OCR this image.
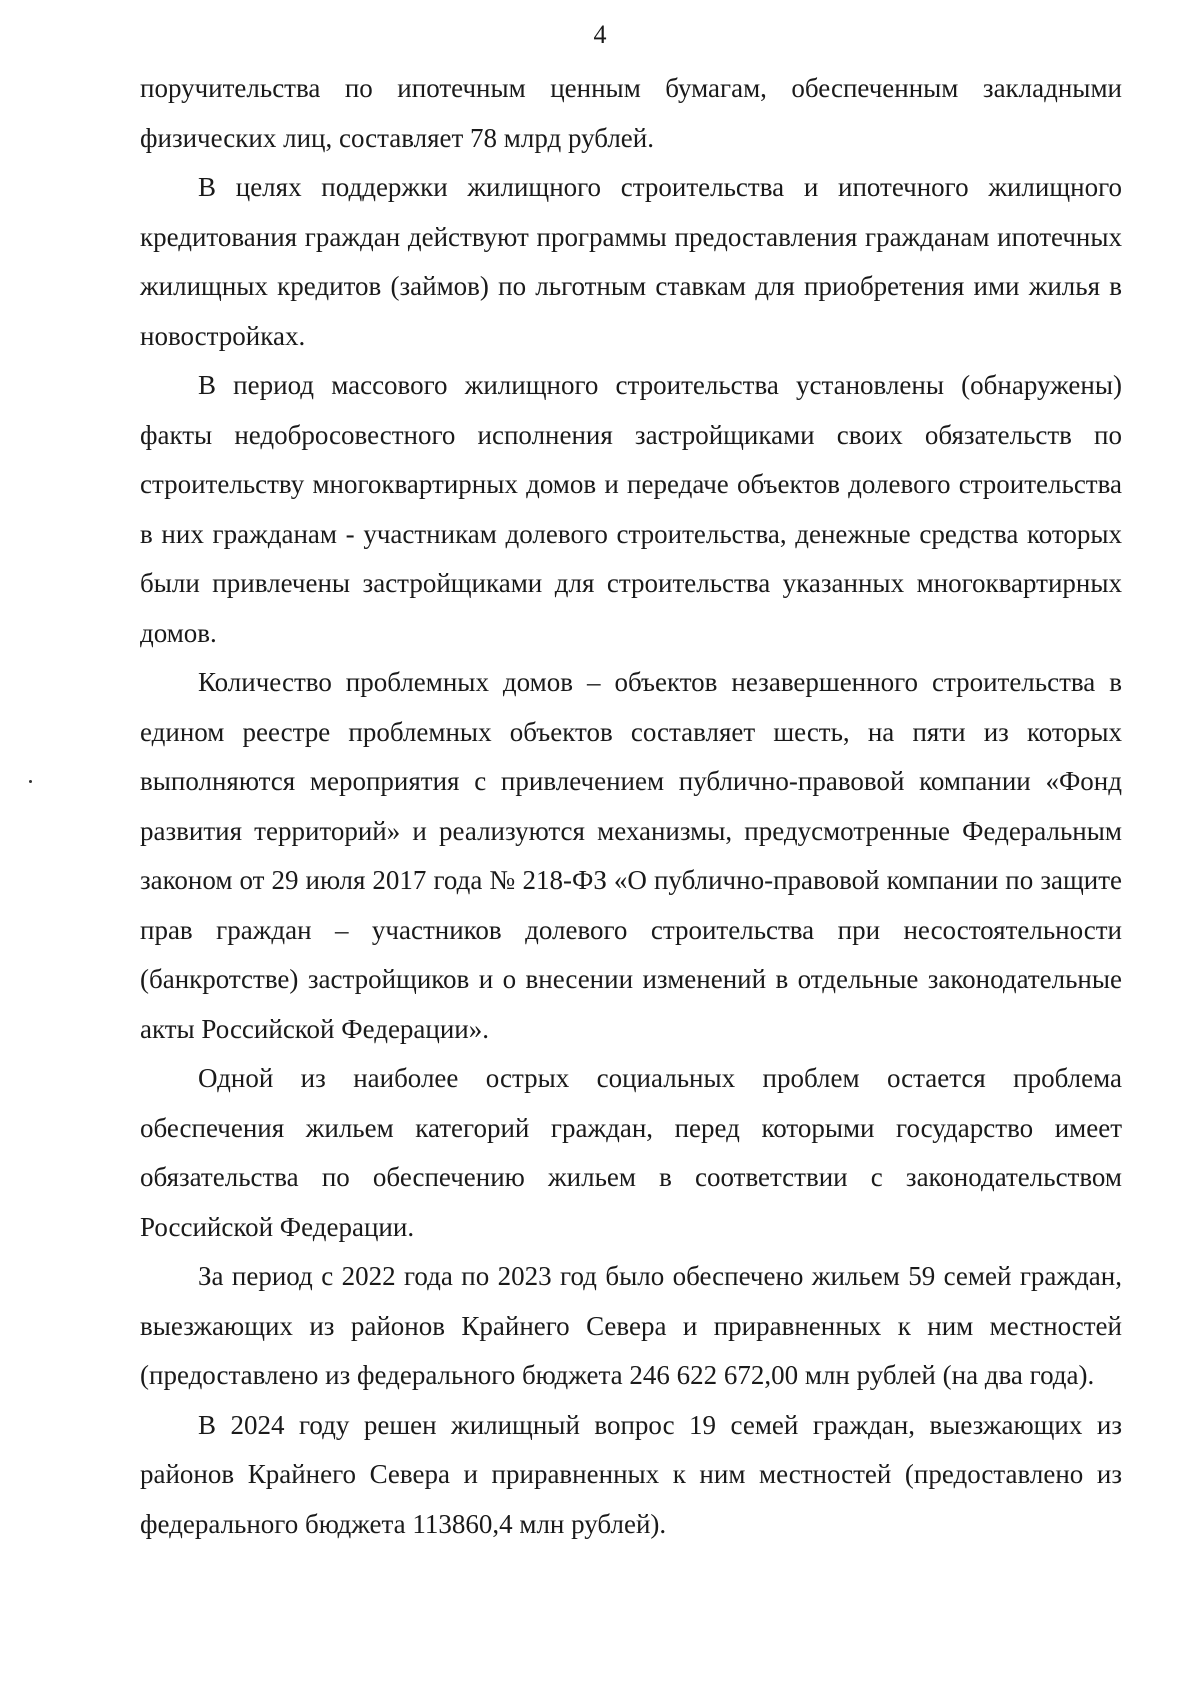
4

поручительства по ипотечным ценным бумагам, обеспеченным закладными физических лиц, составляет 78 млрд рублей.

В целях поддержки жилищного строительства и ипотечного жилищного кредитования граждан действуют программы предоставления гражданам ипотечных жилищных кредитов (займов) по льготным ставкам для приобретения ими жилья в новостройках.

В период массового жилищного строительства установлены (обнаружены) факты недобросовестного исполнения застройщиками своих обязательств по строительству многоквартирных домов и передаче объектов долевого строительства в них гражданам - участникам долевого строительства, денежные средства которых были привлечены застройщиками для строительства указанных многоквартирных домов.

Количество проблемных домов – объектов незавершенного строительства в едином реестре проблемных объектов составляет шесть, на пяти из которых выполняются мероприятия с привлечением публично-правовой компании «Фонд развития территорий» и реализуются механизмы, предусмотренные Федеральным законом от 29 июля 2017 года № 218-ФЗ «О публично-правовой компании по защите прав граждан – участников долевого строительства при несостоятельности (банкротстве) застройщиков и о внесении изменений в отдельные законодательные акты Российской Федерации».

Одной из наиболее острых социальных проблем остается проблема обеспечения жильем категорий граждан, перед которыми государство имеет обязательства по обеспечению жильем в соответствии с законодательством Российской Федерации.

За период с 2022 года по 2023 год было обеспечено жильем 59 семей граждан, выезжающих из районов Крайнего Севера и приравненных к ним местностей (предоставлено из федерального бюджета 246 622 672,00 млн рублей (на два года).

В 2024 году решен жилищный вопрос 19 семей граждан, выезжающих из районов Крайнего Севера и приравненных к ним местностей (предоставлено из федерального бюджета 113860,4 млн рублей).
